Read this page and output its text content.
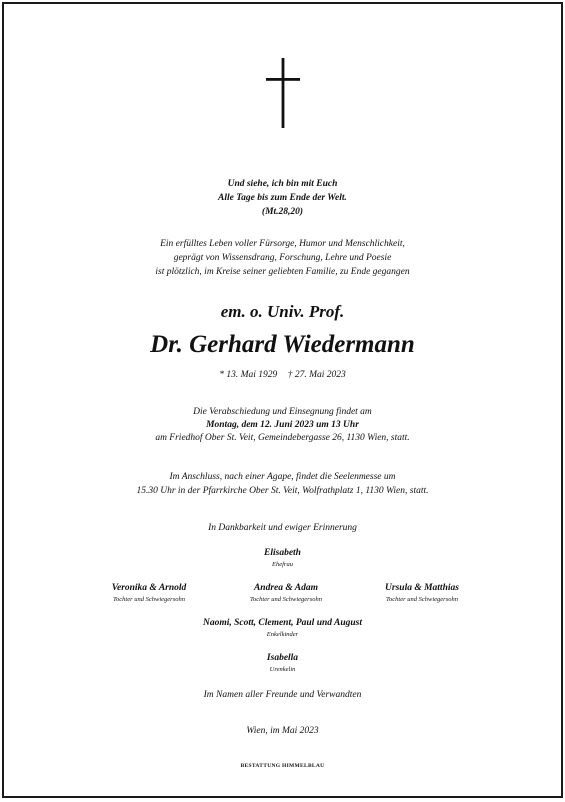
Und siehe, ich bin mit Euch
Alle Tage bis zum Ende der Welt.
(Mt.28,20)
Ein erfülltes Leben voller Fürsorge, Humor und Menschlichkeit,
geprägt von Wissensdrang, Forschung, Lehre und Poesie
ist plötzlich, im Kreise seiner geliebten Familie, zu Ende gegangen
em. o. Univ. Prof.
Dr. Gerhard Wiedermann
* 13. Mai 1929 † 27. Mai 2023
Die Verabschiedung und Einsegnung findet am
Montag, dem 12. Juni 2023 um 13 Uhr
am Friedhof Ober St. Veit, Gemeindebergasse 26, 1130 Wien, statt.
Im Anschluss, nach einer Agape, findet die Seelenmesse um
15.30 Uhr in der Pfarrkirche Ober St. Veit, Wolfrathplatz 1, 1130 Wien, statt.
In Dankbarkeit und ewiger Erinnerung
Elisabeth
Ehefrau
Veronika & Arnold
Tochter und Schwiegersohn
Andrea & Adam
Tochter und Schwiegersohn
Ursula & Matthias
Tochter und Schwiegersohn
Naomi, Scott, Clement, Paul und August
Enkelkinder
Isabella
Urenkelin
Im Namen aller Freunde und Verwandten
Wien, im Mai 2023
BESTATTUNG HIMMELBLAU
